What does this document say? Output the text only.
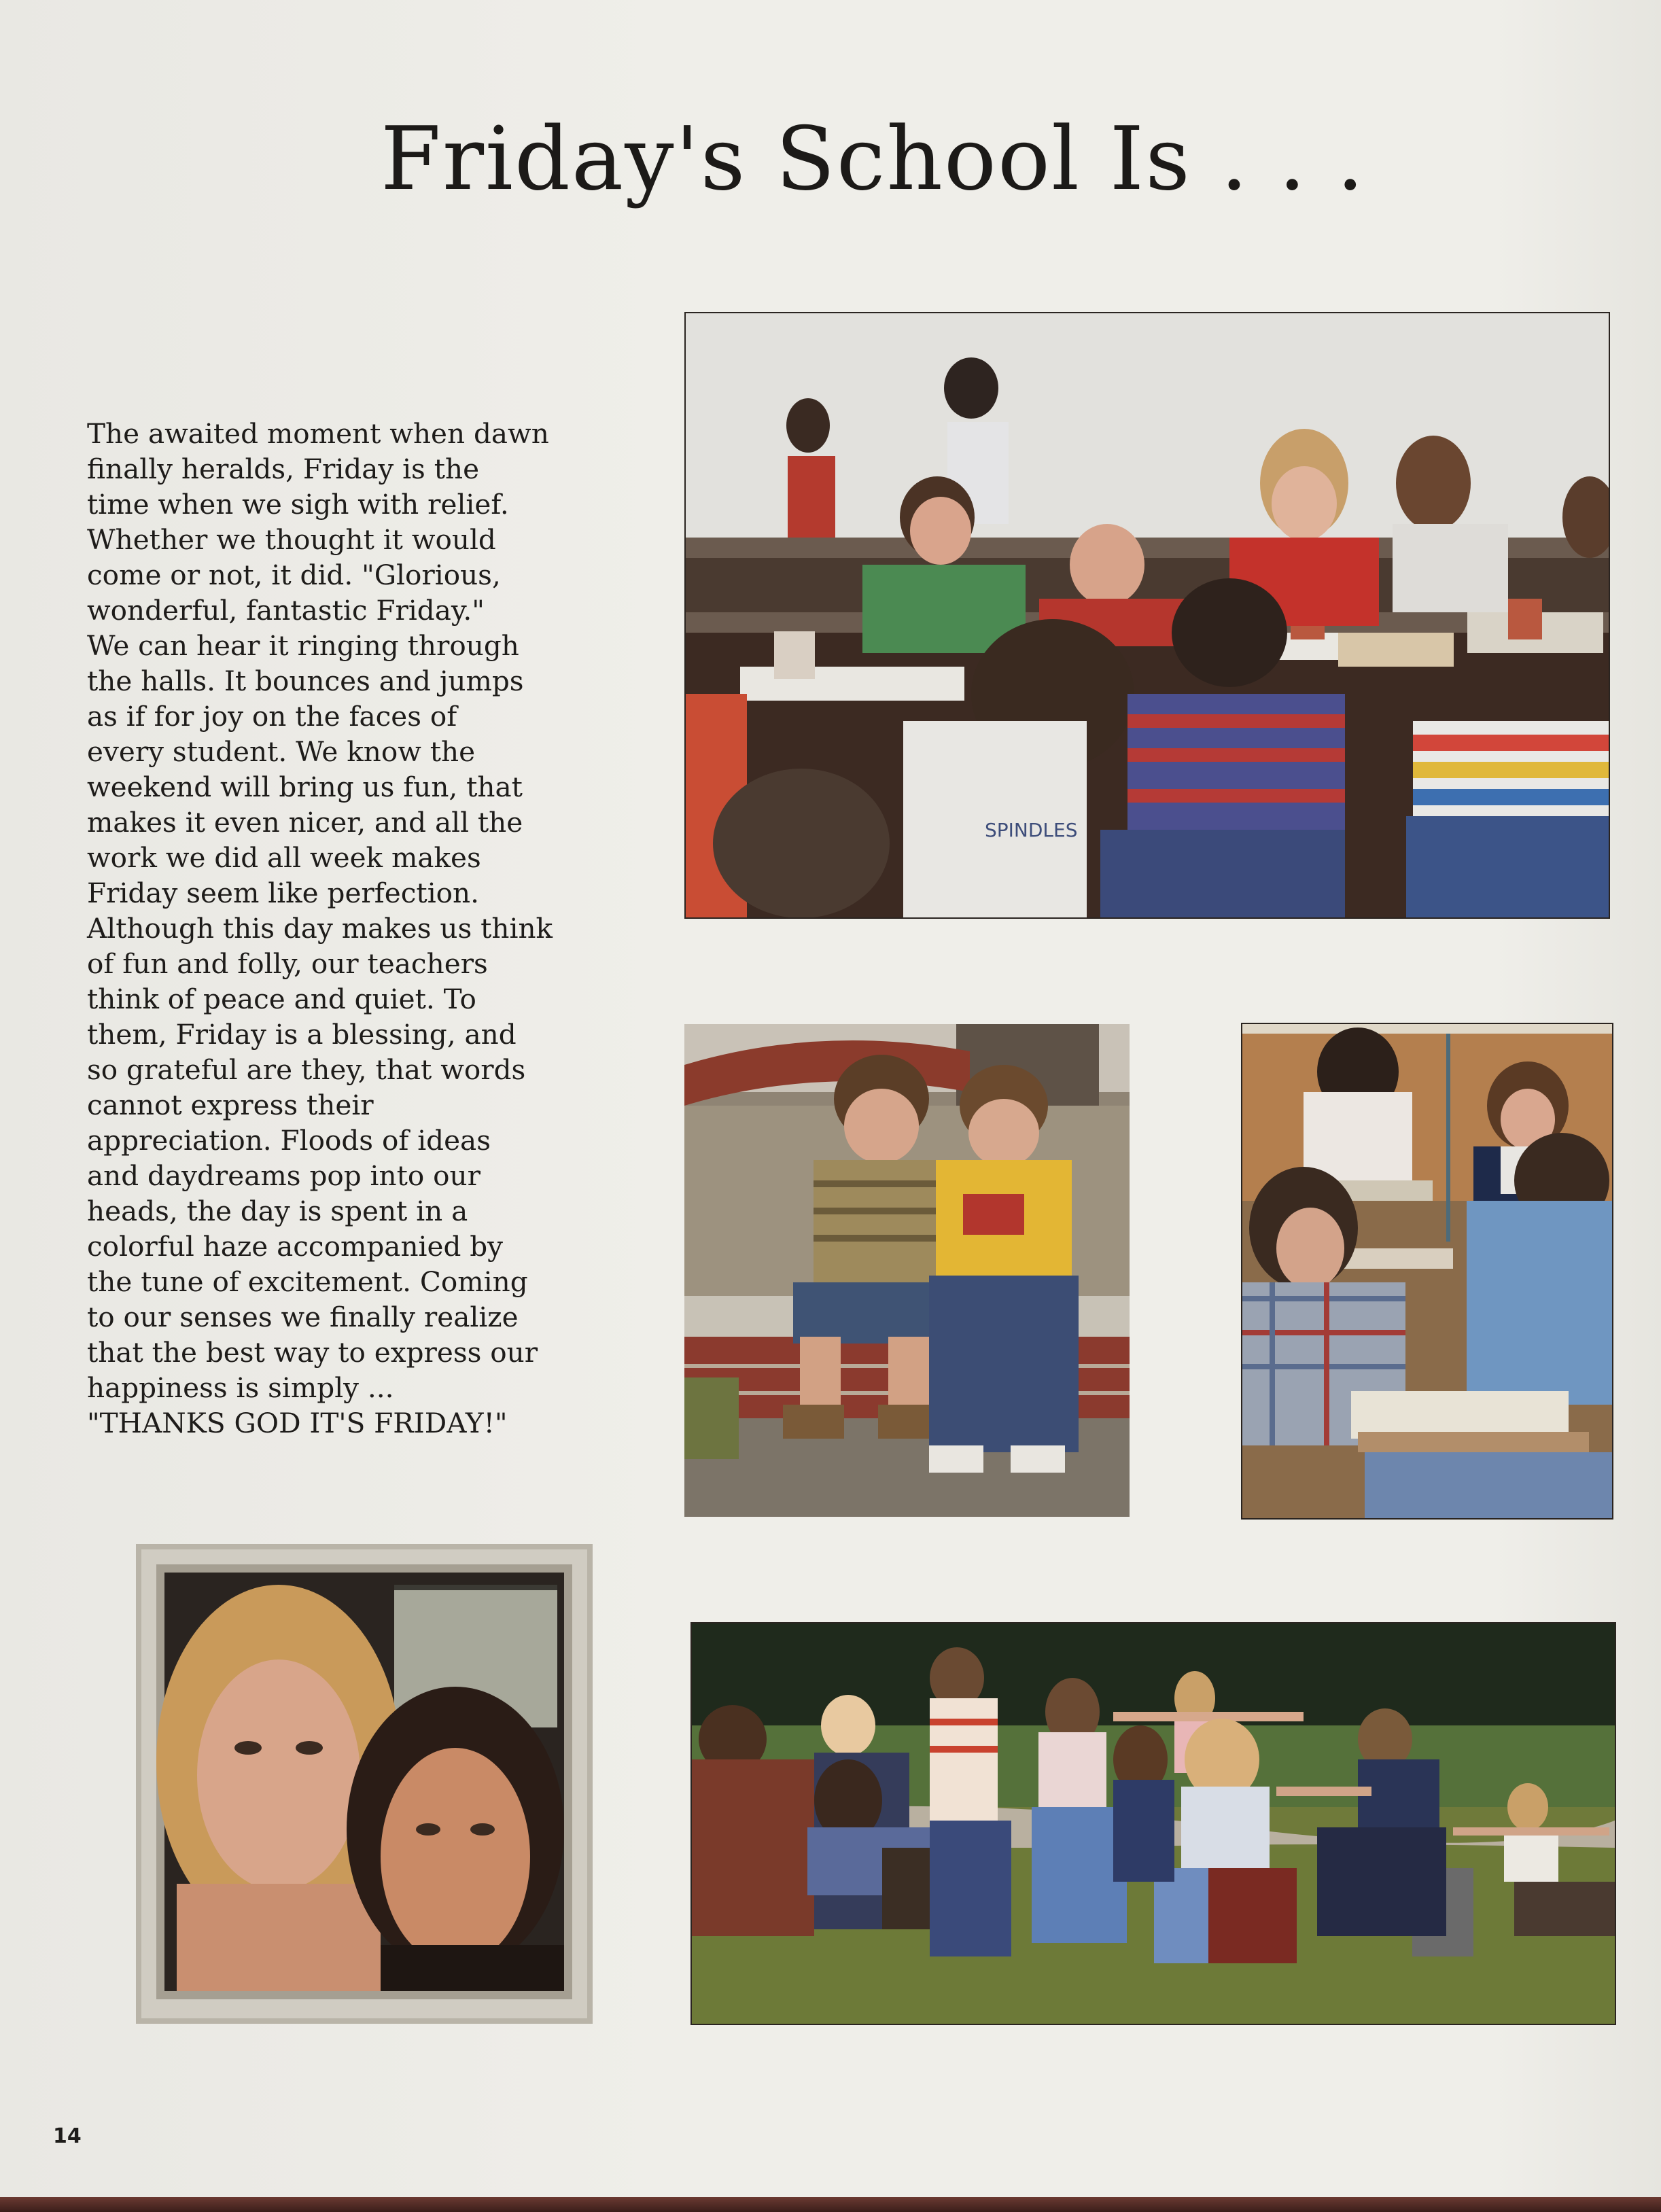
Friday's School Is . . .
The awaited moment when dawn
finally heralds, Friday is the
time when we sigh with relief.
Whether we thought it would
come or not, it did. "Glorious,
wonderful, fantastic Friday."
We can hear it ringing through
the halls. It bounces and jumps
as if for joy on the faces of
every student. We know the
weekend will bring us fun, that
makes it even nicer, and all the
work we did all week makes
Friday seem like perfection.
Although this day makes us think
of fun and folly, our teachers
think of peace and quiet. To
them, Friday is a blessing, and
so grateful are they, that words
cannot express their
appreciation. Floods of ideas
and daydreams pop into our
heads, the day is spent in a
colorful haze accompanied by
the tune of excitement. Coming
to our senses we finally realize
that the best way to express our
happiness is simply ...
"THANKS GOD IT'S FRIDAY!"
SPINDLES
14
